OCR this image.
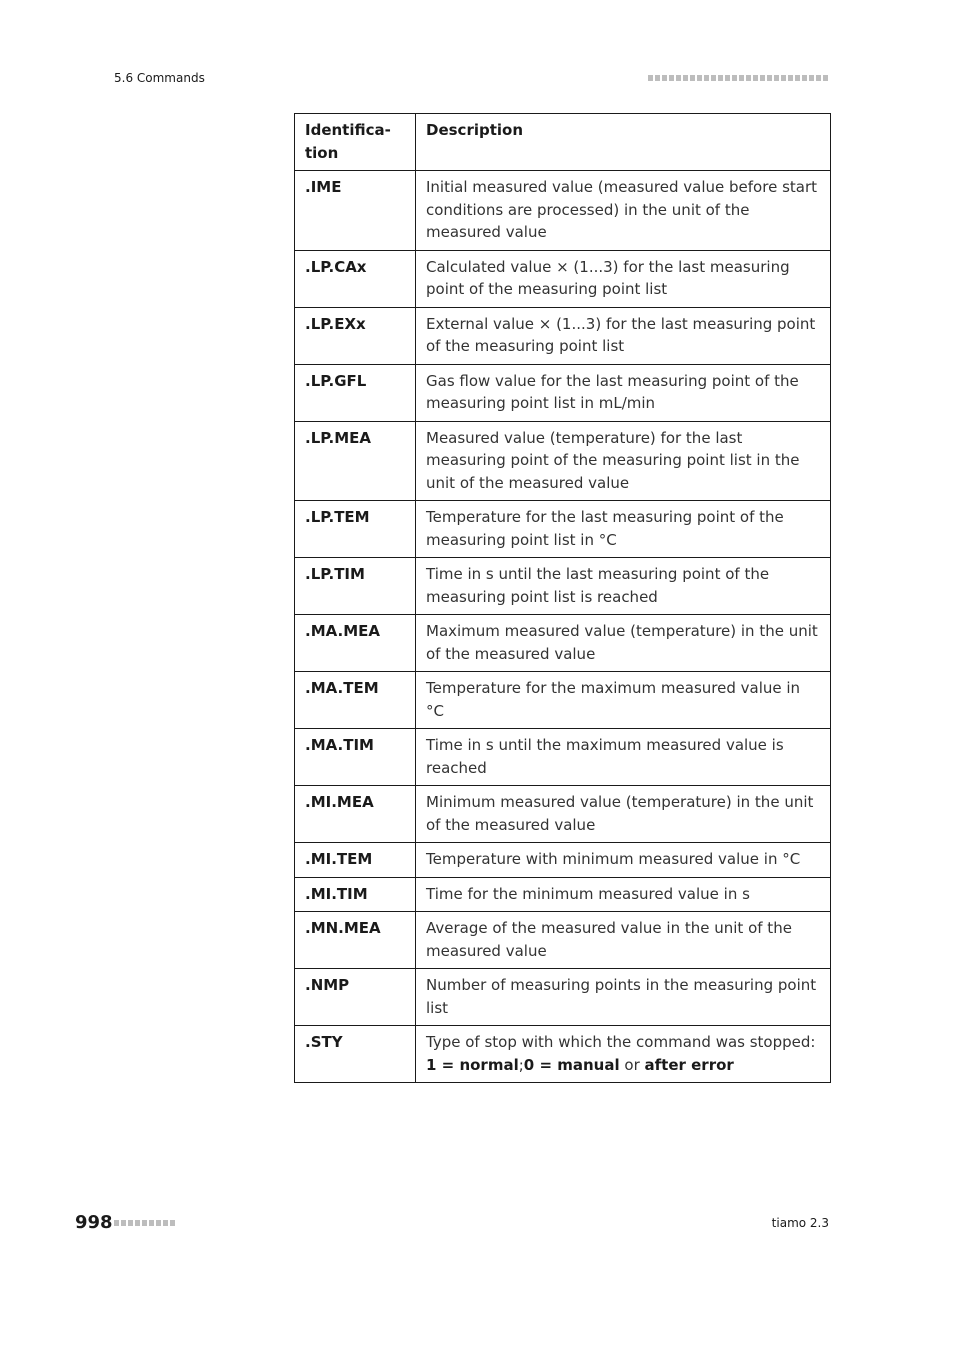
5.6 Commands
Identifica-
tion	Description
.IME	Initial measured value (measured value before start conditions are processed) in the unit of the measured value
.LP.CAx	Calculated value × (1...3) for the last measuring point of the measuring point list
.LP.EXx	External value × (1...3) for the last measuring point of the measuring point list
.LP.GFL	Gas flow value for the last measuring point of the measuring point list in mL/min
.LP.MEA	Measured value (temperature) for the last measuring point of the measuring point list in the unit of the measured value
.LP.TEM	Temperature for the last measuring point of the measuring point list in °C
.LP.TIM	Time in s until the last measuring point of the measuring point list is reached
.MA.MEA	Maximum measured value (temperature) in the unit of the measured value
.MA.TEM	Temperature for the maximum measured value in °C
.MA.TIM	Time in s until the maximum measured value is reached
.MI.MEA	Minimum measured value (temperature) in the unit of the measured value
.MI.TEM	Temperature with minimum measured value in °C
.MI.TIM	Time for the minimum measured value in s
.MN.MEA	Average of the measured value in the unit of the measured value
.NMP	Number of measuring points in the measuring point list
.STY	Type of stop with which the command was stopped: 1 = normal;0 = manual or after error
998	tiamo 2.3
